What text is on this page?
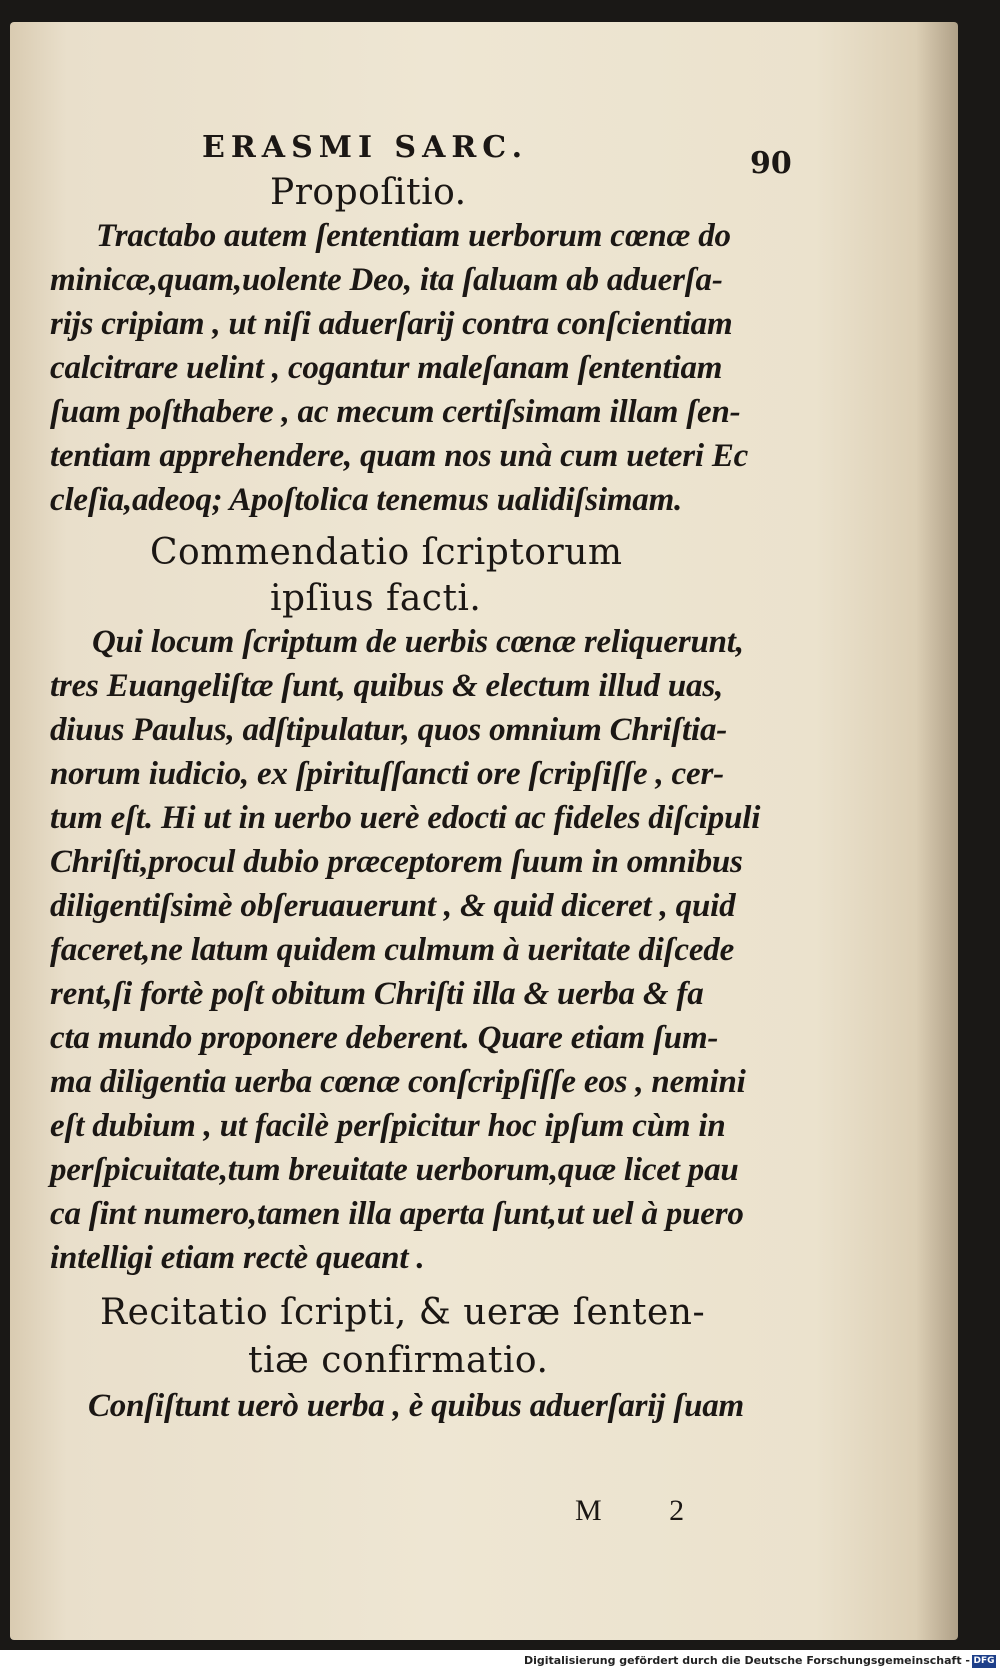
ERASMI SARC.	90
Propoſitio.
Tractabo autem ſententiam uerborum cœnæ do
minicæ,quam,uolente Deo, ita ſaluam ab aduerſa-
rijs cripiam , ut niſi aduerſarij contra conſcientiam
calcitrare uelint , cogantur maleſanam ſententiam
ſuam poſthabere , ac mecum certiſsimam illam ſen-
tentiam apprehendere, quam nos unà cum ueteri Ec
cleſia,adeoq; Apoſtolica tenemus ualidiſsimam.
Commendatio ſcriptorum
ipſius facti.
Qui locum ſcriptum de uerbis cœnæ reliquerunt,
tres Euangeliſtæ ſunt, quibus & electum illud uas,
diuus Paulus, adſtipulatur, quos omnium Chriſtia-
norum iudicio, ex ſpirituſſancti ore ſcripſiſſe , cer-
tum eſt. Hi ut in uerbo uerè edocti ac fideles diſcipuli
Chriſti,procul dubio præceptorem ſuum in omnibus
diligentiſsimè obſeruauerunt , & quid diceret , quid
faceret,ne latum quidem culmum à ueritate diſcede
rent,ſi fortè poſt obitum Chriſti illa & uerba & fa
cta mundo proponere deberent. Quare etiam ſum-
ma diligentia uerba cœnæ conſcripſiſſe eos , nemini
eſt dubium , ut facilè perſpicitur hoc ipſum cùm in
perſpicuitate,tum breuitate uerborum,quæ licet pau
ca ſint numero,tamen illa aperta ſunt,ut uel à puero
intelligi etiam rectè queant .
Recitatio ſcripti, & ueræ ſenten-
tiæ confirmatio.
Conſiſtunt uerò uerba , è quibus aduerſarij ſuam
M 2
Digitalisierung gefördert durch die Deutsche Forschungsgemeinschaft - DFG
